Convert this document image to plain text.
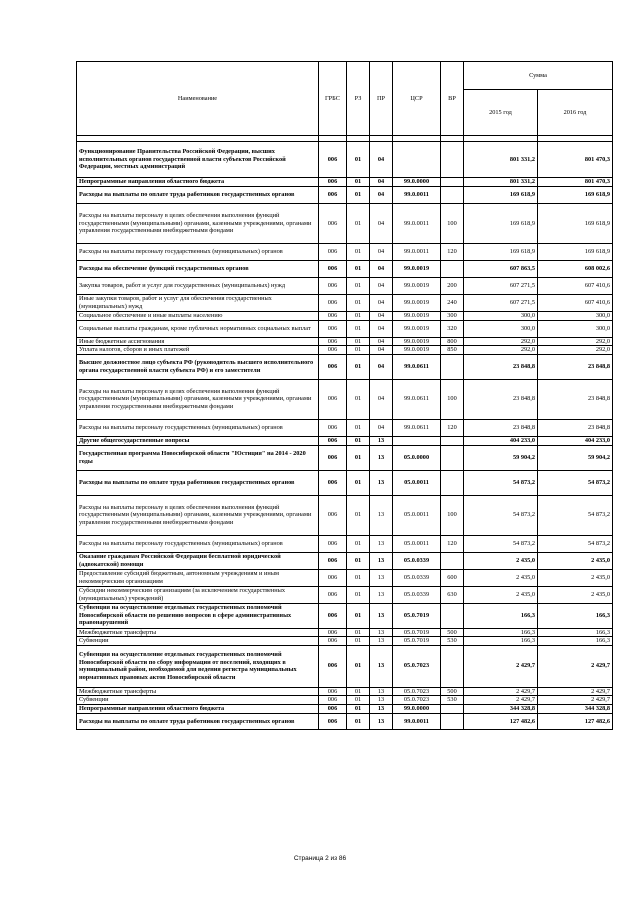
Наименование	ГРБС	РЗ	ПР	ЦСР	ВР	Сумма	
						2015 год	2016 год

Функционирование Правительства Российской Федерации, высших исполнительных органов государственной власти субъектов Российской Федерации, местных администраций	006	01	04			801 331,2	801 470,3
Непрограммные направления областного бюджета	006	01	04	99.0.0000		801 331,2	801 470,3
Расходы на выплаты по оплате труда работников государственных органов	006	01	04	99.0.0011		169 618,9	169 618,9
Расходы на выплаты персоналу в целях обеспечения выполнения функций государственными (муниципальными) органами, казенными учреждениями, органами управления государственными внебюджетными фондами	006	01	04	99.0.0011	100	169 618,9	169 618,9
Расходы на выплаты персоналу государственных (муниципальных) органов	006	01	04	99.0.0011	120	169 618,9	169 618,9
Расходы на обеспечение функций государственных органов	006	01	04	99.0.0019		607 863,5	608 002,6
Закупка товаров, работ и услуг для государственных (муниципальных) нужд	006	01	04	99.0.0019	200	607 271,5	607 410,6
Иные закупки товаров, работ и услуг для обеспечения государственных (муниципальных) нужд	006	01	04	99.0.0019	240	607 271,5	607 410,6
Социальное обеспечение и иные выплаты населению	006	01	04	99.0.0019	300	300,0	300,0
Социальные выплаты гражданам, кроме публичных нормативных социальных выплат	006	01	04	99.0.0019	320	300,0	300,0
Иные бюджетные ассигнования	006	01	04	99.0.0019	800	292,0	292,0
Уплата налогов, сборов и иных платежей	006	01	04	99.0.0019	850	292,0	292,0
Высшее должностное лицо субъекта РФ (руководитель высшего исполнительного органа государственной власти субъекта РФ) и его заместители	006	01	04	99.0.0611		23 848,8	23 848,8
Расходы на выплаты персоналу в целях обеспечения выполнения функций государственными (муниципальными) органами, казенными учреждениями, органами управления государственными внебюджетными фондами	006	01	04	99.0.0611	100	23 848,8	23 848,8
Расходы на выплаты персоналу государственных (муниципальных) органов	006	01	04	99.0.0611	120	23 848,8	23 848,8
Другие общегосударственные вопросы	006	01	13			404 233,0	404 233,0
Государственная программа Новосибирской области "Юстиция" на 2014 - 2020 годы	006	01	13	05.0.0000		59 904,2	59 904,2
Расходы на выплаты по оплате труда работников государственных органов	006	01	13	05.0.0011		54 873,2	54 873,2
Расходы на выплаты персоналу в целях обеспечения выполнения функций государственными (муниципальными) органами, казенными учреждениями, органами управления государственными внебюджетными фондами	006	01	13	05.0.0011	100	54 873,2	54 873,2
Расходы на выплаты персоналу государственных (муниципальных) органов	006	01	13	05.0.0011	120	54 873,2	54 873,2
Оказание гражданам Российской Федерации бесплатной юридической (адвокатской) помощи	006	01	13	05.0.0339		2 435,0	2 435,0
Предоставление субсидий бюджетным, автономным учреждениям и иным некоммерческим организациям	006	01	13	05.0.0339	600	2 435,0	2 435,0
Субсидии некоммерческим организациям (за исключением государственных (муниципальных) учреждений)	006	01	13	05.0.0339	630	2 435,0	2 435,0
Субвенция на осуществление отдельных государственных полномочий Новосибирской области по решению вопросов в сфере административных правонарушений	006	01	13	05.0.7019		166,3	166,3
Межбюджетные трансферты	006	01	13	05.0.7019	500	166,3	166,3
Субвенции	006	01	13	05.0.7019	530	166,3	166,3
Субвенция на осуществление отдельных государственных полномочий Новосибирской области по сбору информации от поселений, входящих в муниципальный район, необходимой для ведения регистра муниципальных нормативных правовых актов Новосибирской области	006	01	13	05.0.7023		2 429,7	2 429,7
Межбюджетные трансферты	006	01	13	05.0.7023	500	2 429,7	2 429,7
Субвенции	006	01	13	05.0.7023	530	2 429,7	2 429,7
Непрограммные направления областного бюджета	006	01	13	99.0.0000		344 328,8	344 328,8
Расходы на выплаты по оплате труда работников государственных органов	006	01	13	99.0.0011		127 482,6	127 482,6
Страница 2 из 86
